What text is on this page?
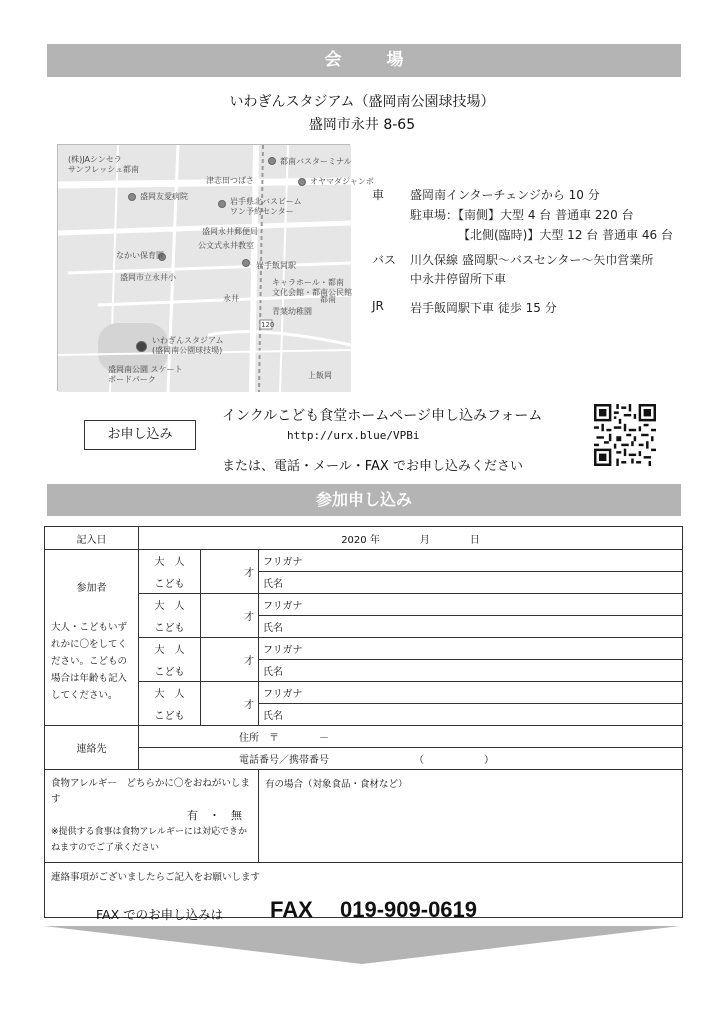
会　場
いわぎんスタジアム（盛岡南公園球技場）
盛岡市永井 8-65
(株)JAシンセラ
サンフレッシュ都南
都南バスターミナル
津志田つばさ	オヤマダジャンボ
盛岡友愛病院
岩手県北バスビーム
ワン予約センター
盛岡永井郵便局
なかい保育園
公文式永井教室
岩手飯岡駅
盛岡市立永井小
キャラホール・都南
文化会館・都南公民館
永井
青葉幼稚園
いわぎんスタジアム
(盛岡南公園球技場)
盛岡南公園 スケート
ボードパーク
120
都南
上飯岡
車 盛岡南インターチェンジから 10 分
駐車場：【南側】大型 4 台 普通車 220 台
【北側(臨時)】大型 12 台 普通車 46 台
バス 川久保線 盛岡駅～バスセンター～矢巾営業所
中永井停留所下車
JR 岩手飯岡駅下車 徒歩 15 分
お申し込み
インクルこども食堂ホームページ申し込みフォーム
http://urx.blue/VPBi
または、電話・メール・FAX でお申し込みください
参加申し込み
記入日	2020 年　　　　月　　　　日		

参加者
大人・こどもいずれかに〇をしてください。こどもの場合は年齢も記入してください。	大　人	才	フリガナ
	こども		氏名
	大　人	才	フリガナ
	こども		氏名
	大　人	才	フリガナ
	こども		氏名
	大　人	才	フリガナ
	こども		氏名
連絡先	住所　〒　　　　－		
	電話番号／携帯番号　　　　　　　　　（　　　　　　）		

食物アレルギー　どちらかに〇をおねがいします
有　・　無
※提供する食事は食物アレルギーには対応できかねますのでご了承ください			有の場合（対象食品・食材など）
連絡事項がございましたらご記入をお願いします			
FAX でのお申し込みは FAX 019-909-0619
